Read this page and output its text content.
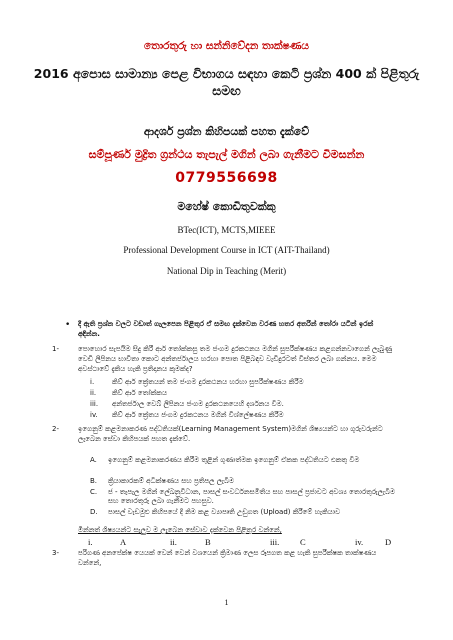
තොරතුරු හා සන්නිවේදන තාක්ෂණය
2016 අපොස සාමාන්‍ය පෙළ විභාගය සඳහා කෙටි ප්‍රශ්න 400 ක් පිළිතුරු සමඟ
ආදර්ශ ප්‍රශ්න කිහිපයක් පහත දැක්වේ
සම්පූර්ණ මුද්‍රිත ග්‍රන්ථය තැපැල් මගින් ලබා ගැනීමට විමසන්න
0779556698
මහේෂ් කොඩිතුවක්කු
BTec(ICT), MCTS,MIEEE
Professional Development Course in ICT (AIT-Thailand)
National Dip in Teaching (Merit)
• දී ඇති ප්‍රශ්න වලට වඩාත් ගැලපෙන පිළිතුර ඒ සමඟ දැක්වෙන වරණ හතර අතරින් තෝරා යටින් ඉරක් අඳින්න.
1-	පොහොර සැපයීම සිදු කිරී ආර් තෝක්කසු තම ජංගම දුරකථනය මගින් සුපරීක්ෂණය කළගන්නවාගෙන් ලැබුණු වෙඩි ලිපිනය භාවිතා කොට අන්තර්ජාලය හරහා පොත පිළිබඳව වැඩිදුරටත් විස්තර ලබා ගන්නය. මෙම අවස්ථාවේ දැකිය හැකි ප්‍රතිදානය කුමක්ද?
i.	කිව් ආර් ක්‍රේතයන් තම ජංගම දුරකථනය හරහා සුපරීක්ෂණය කිරීම
ii. කිව් ආර් තෝක්කය
iii. අන්තර්ජාල වෙබ් ලිපිනය ජංගම දුරකථනයෙහි දර්ශනය වීම.
iv. කිව් ආර් ක්‍රේතය ජංගම දුරකථනය මගින් විශ්ලේෂණය කිරීම
2-	ඉගෙනුම් කළමනාකරණ පද්ධතියක්(Learning Management System)මගින් ශිෂ්‍යයන්ට හා ගුරුවරුන්ට ලැබෙන සේවා කිහිපයක් පහත දැක්වේ.
A. ඉගෙනුම් කළමනාකරණය කිරීම තුළින් ගුණාත්මක ඉගෙනුම් ඒකක පද්ධතියට එකතු වීම
B. ක්‍රියාකාරකම් අධීක්ෂණය සහ ප්‍රතිපල ලැබීම
C. ජ - තැපැල මගින් ලේඛනුවිධාන, පාසල් සංවර්ධනසමිතිය සහ පාසල් ප්‍රජාවට අවශ්‍ය තොරතුරුලැබීම සහ තොරතුරු ලබා ගැනීමට පහසුව.
D. පාසල් වැඩමුළු කිහිපයේ දී නිම කළ ව්‍යාපෘති උඩුගත (Upload) කිරීමේ හැකියාව
මින්නත් ශිෂ්‍යයන්ට සැලුව ම ලැබෙන සේවාව දැක්වෙන පිළිතුර වන්නේ,
i.	A	ii.	B	iii. C	iv.	D
3-	පරිගණ අනපේක්ෂ යෙයක් වෙන් වෙන් වශයෙන් ක්‍රිමාණ ලෙස රූපගත කළ හැකි සුපරීක්ෂක තාක්ෂණය වන්නේ,
1
